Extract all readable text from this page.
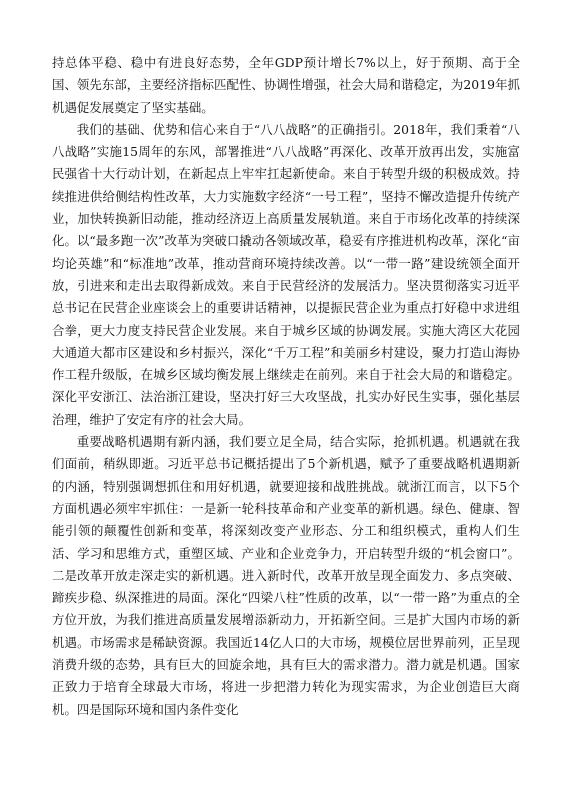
持总体平稳、稳中有进良好态势，全年GDP预计增长7%以上，好于预期、高于全国、领先东部，主要经济指标匹配性、协调性增强，社会大局和谐稳定，为2019年抓机遇促发展奠定了坚实基础。

我们的基础、优势和信心来自于“八八战略”的正确指引。2018年，我们秉着“八八战略”实施15周年的东风，部署推进“八八战略”再深化、改革开放再出发，实施富民强省十大行动计划，在新起点上牢牢扛起新使命。来自于转型升级的积极成效。持续推进供给侧结构性改革，大力实施数字经济“一号工程”，坚持不懈改造提升传统产业，加快转换新旧动能，推动经济迈上高质量发展轨道。来自于市场化改革的持续深化。以“最多跑一次”改革为突破口撬动各领域改革，稳妥有序推进机构改革，深化“亩均论英雄”和“标准地”改革，推动营商环境持续改善。以“一带一路”建设统领全面开放，引进来和走出去取得新成效。来自于民营经济的发展活力。坚决贯彻落实习近平总书记在民营企业座谈会上的重要讲话精神，以提振民营企业为重点打好稳中求进组合拳，更大力度支持民营企业发展。来自于城乡区域的协调发展。实施大湾区大花园大通道大都市区建设和乡村振兴，深化“千万工程”和美丽乡村建设，聚力打造山海协作工程升级版，在城乡区域均衡发展上继续走在前列。来自于社会大局的和谐稳定。深化平安浙江、法治浙江建设，坚决打好三大攻坚战，扎实办好民生实事，强化基层治理，维护了安定有序的社会大局。

重要战略机遇期有新内涵，我们要立足全局，结合实际，抢抓机遇。机遇就在我们面前，稍纵即逝。习近平总书记概括提出了5个新机遇，赋予了重要战略机遇期新的内涵，特别强调想抓住和用好机遇，就要迎接和战胜挑战。就浙江而言，以下5个方面机遇必须牢牢抓住：一是新一轮科技革命和产业变革的新机遇。绿色、健康、智能引领的颠覆性创新和变革，将深刻改变产业形态、分工和组织模式，重构人们生活、学习和思维方式，重塑区域、产业和企业竞争力，开启转型升级的“机会窗口”。二是改革开放走深走实的新机遇。进入新时代，改革开放呈现全面发力、多点突破、蹄疾步稳、纵深推进的局面。深化“四梁八柱”性质的改革，以“一带一路”为重点的全方位开放，为我们推进高质量发展增添新动力，开拓新空间。三是扩大国内市场的新机遇。市场需求是稀缺资源。我国近14亿人口的大市场，规模位居世界前列，正呈现消费升级的态势，具有巨大的回旋余地，具有巨大的需求潜力。潜力就是机遇。国家正致力于培育全球最大市场，将进一步把潜力转化为现实需求，为企业创造巨大商机。四是国际环境和国内条件变化
